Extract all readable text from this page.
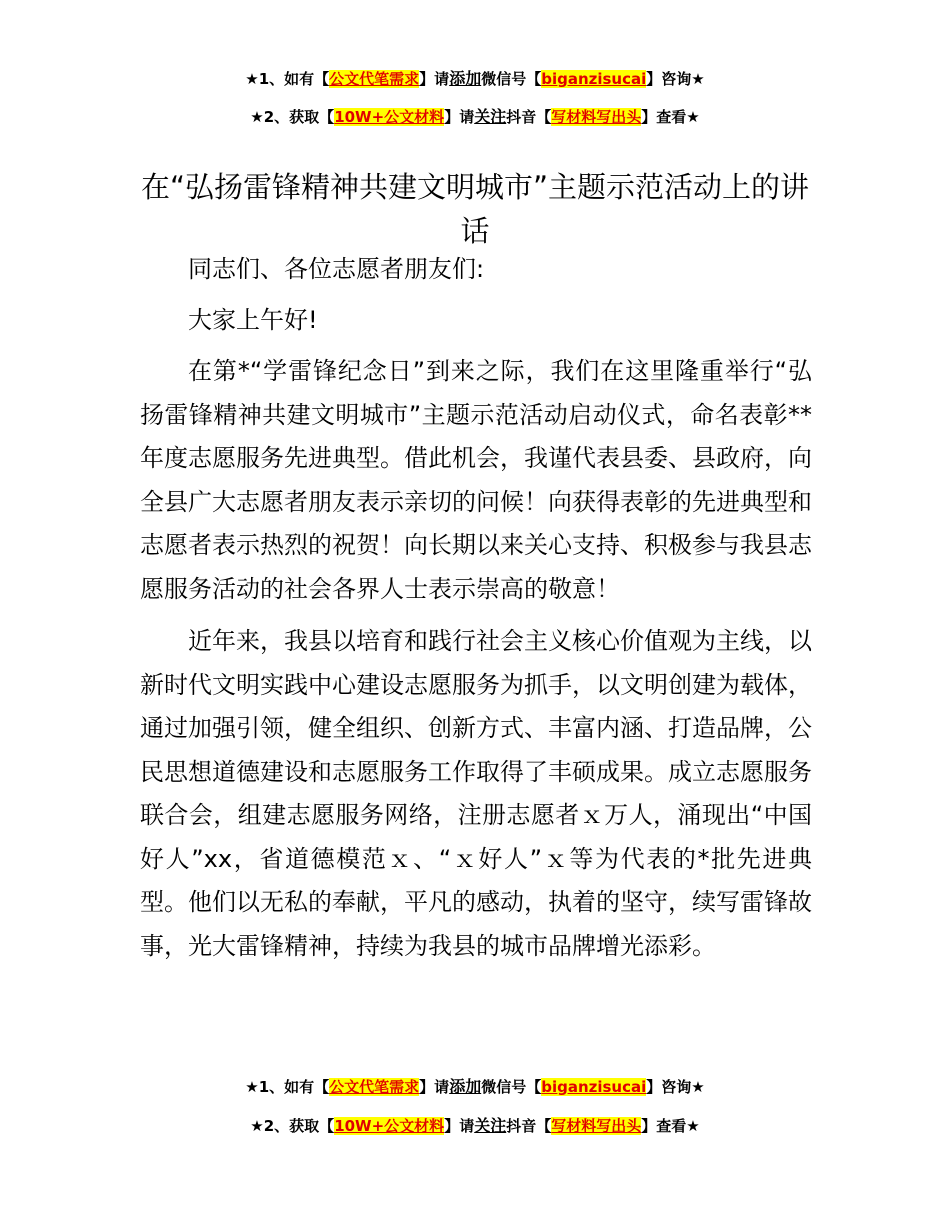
★1、如有【公文代笔需求】请添加微信号【biganzisucai】咨询★
★2、获取【10W+公文材料】请关注抖音【写材料写出头】查看★
在“弘扬雷锋精神共建文明城市”主题示范活动上的讲话

同志们、各位志愿者朋友们:

大家上午好!

在第*“学雷锋纪念日”到来之际，我们在这里隆重举行“弘扬雷锋精神共建文明城市”主题示范活动启动仪式，命名表彰**年度志愿服务先进典型。借此机会，我谨代表县委、县政府，向全县广大志愿者朋友表示亲切的问候！向获得表彰的先进典型和志愿者表示热烈的祝贺！向长期以来关心支持、积极参与我县志愿服务活动的社会各界人士表示崇高的敬意！

近年来，我县以培育和践行社会主义核心价值观为主线，以新时代文明实践中心建设志愿服务为抓手，以文明创建为载体，通过加强引领，健全组织、创新方式、丰富内涵、打造品牌，公民思想道德建设和志愿服务工作取得了丰硕成果。成立志愿服务联合会，组建志愿服务网络，注册志愿者ｘ万人，涌现出“中国好人”xx，省道德模范ｘ、“ｘ好人”ｘ等为代表的*批先进典型。他们以无私的奉献，平凡的感动，执着的坚守，续写雷锋故事，光大雷锋精神，持续为我县的城市品牌增光添彩。

★1、如有【公文代笔需求】请添加微信号【biganzisucai】咨询★
★2、获取【10W+公文材料】请关注抖音【写材料写出头】查看★
